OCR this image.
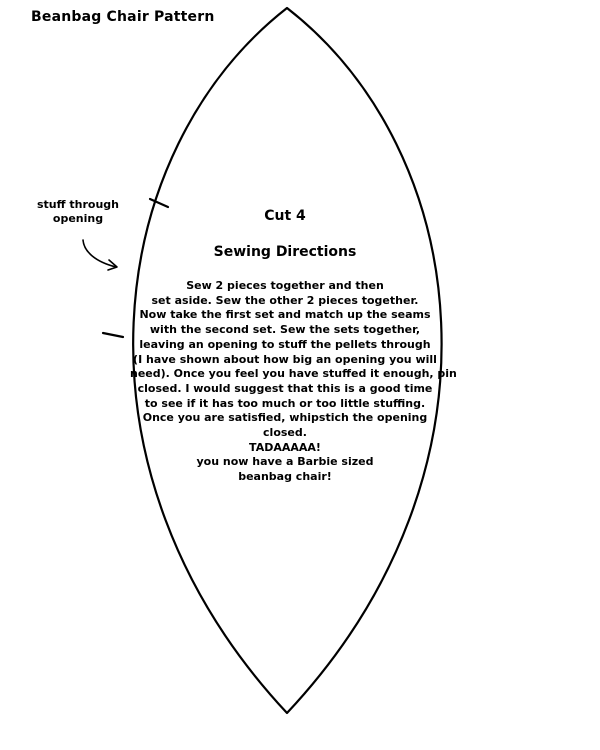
Beanbag Chair Pattern
stuff through
opening	Cut 4
Sewing Directions
Sew 2 pieces together and then
set aside. Sew the other 2 pieces together.
Now take the first set and match up the seams
with the second set. Sew the sets together,
leaving an opening to stuff the pellets through
(I have shown about how big an opening you will
need). Once you feel you have stuffed it enough, pin
closed. I would suggest that this is a good time
to see if it has too much or too little stuffing.
Once you are satisfied, whipstich the opening
closed.
TADAAAAA!
you now have a Barbie sized
beanbag chair!
